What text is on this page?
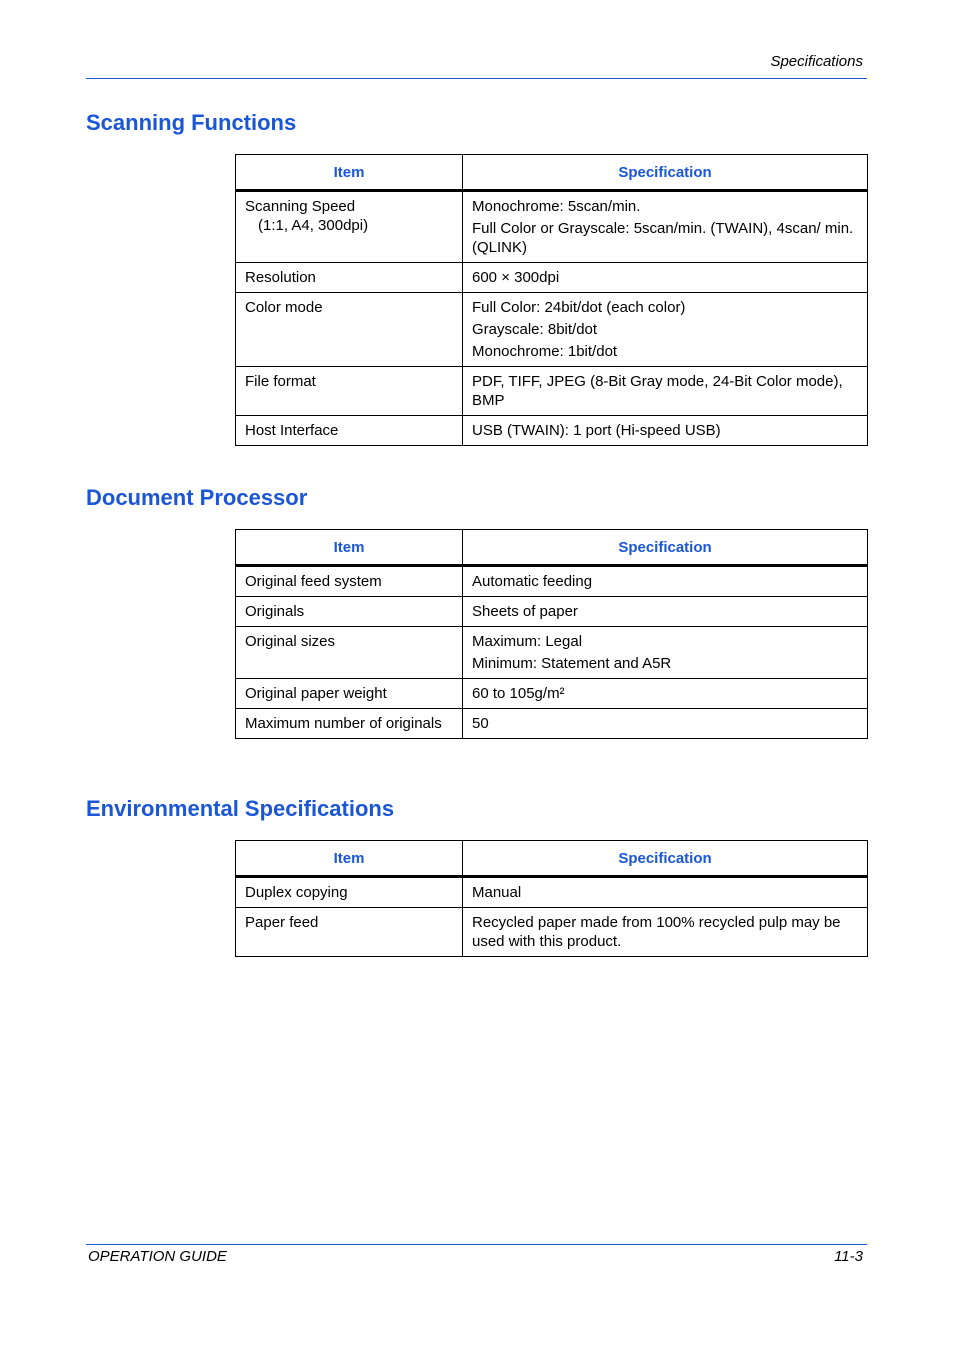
Specifications
Scanning Functions
Item	Specification

Scanning Speed
(1:1, A4, 300dpi)	Monochrome: 5scan/min.
Full Color or Grayscale: 5scan/min. (TWAIN), 4scan/ min. (QLINK)

Resolution	600 × 300dpi

Color mode	Full Color: 24bit/dot (each color)
Grayscale: 8bit/dot
Monochrome: 1bit/dot

File format	PDF, TIFF, JPEG (8-Bit Gray mode, 24-Bit Color mode), BMP

Host Interface	USB (TWAIN): 1 port (Hi-speed USB)
Document Processor
Item	Specification

Original feed system	Automatic feeding

Originals	Sheets of paper

Original sizes	Maximum: Legal
Minimum: Statement and A5R

Original paper weight	60 to 105g/m²

Maximum number of originals	50
Environmental Specifications
Item	Specification

Duplex copying	Manual

Paper feed	Recycled paper made from 100% recycled pulp may be used with this product.
OPERATION GUIDE	11-3
